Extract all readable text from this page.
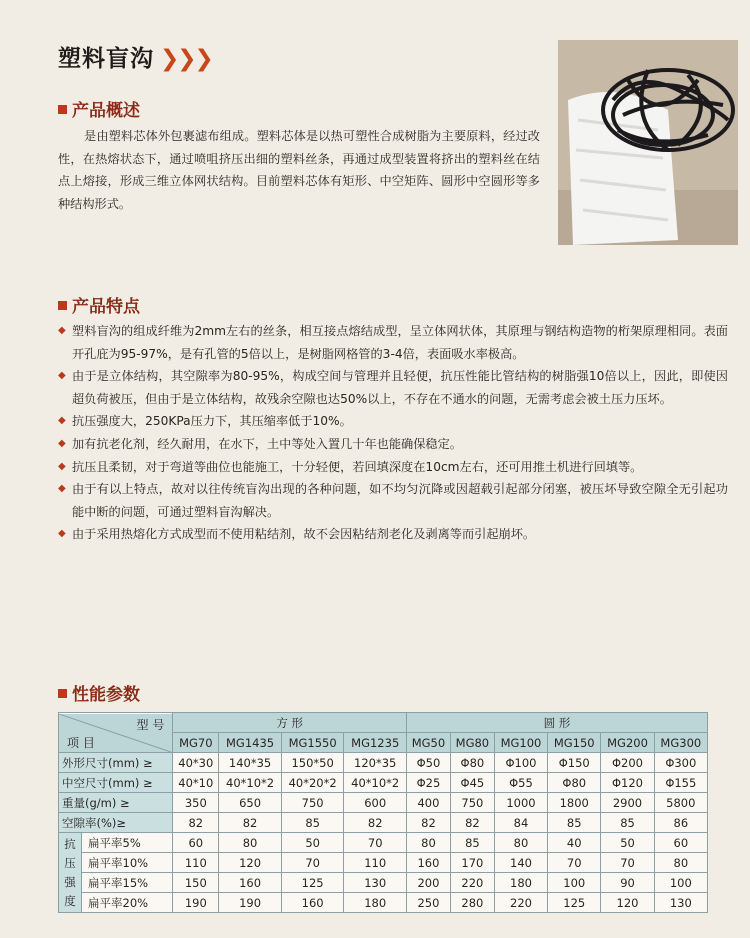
塑料盲沟 ❯❯❯
产品概述

是由塑料芯体外包裹滤布组成。塑料芯体是以热可塑性合成树脂为主要原料，经过改性，在热熔状态下，通过喷咀挤压出细的塑料丝条，再通过成型装置将挤出的塑料丝在结点上熔接，形成三维立体网状结构。目前塑料芯体有矩形、中空矩阵、圆形中空圆形等多种结构形式。

产品特点
◆ 塑料盲沟的组成纤维为2mm左右的丝条，相互接点熔结成型，呈立体网状体，其原理与钢结构造物的桁架原理相同。表面开孔庇为95-97%，是有孔管的5倍以上，是树脂网格管的3-4倍，表面吸水率极高。
◆ 由于是立体结构，其空隙率为80-95%，构成空间与管理并且轻便，抗压性能比管结构的树脂强10倍以上，因此，即使因超负荷被压，但由于是立体结构，故残余空隙也达50%以上，不存在不通水的问题，无需考虑会被土压力压坏。
◆ 抗压强度大，250KPa压力下，其压缩率低于10%。
◆ 加有抗老化剂，经久耐用，在水下，土中等处入置几十年也能确保稳定。
◆ 抗压且柔韧，对于弯道等曲位也能施工，十分轻便，若回填深度在10cm左右，还可用推土机进行回填等。
◆ 由于有以上特点，故对以往传统盲沟出现的各种问题，如不均匀沉降或因超载引起部分闭塞，被压坏导致空隙全无引起功能中断的问题，可通过塑料盲沟解决。
◆ 由于采用热熔化方式成型而不使用粘结剂，故不会因粘结剂老化及剥离等而引起崩坏。
性能参数
型 号
项 目		方 形				圆 形					
		MG70	MG1435	MG1550	MG1235	MG50	MG80	MG100	MG150	MG200	MG300
外形尺寸(mm) ≥		40*30	140*35	150*50	120*35	Φ50	Φ80	Φ100	Φ150	Φ200	Φ300
中空尺寸(mm) ≥		40*10	40*10*2	40*20*2	40*10*2	Φ25	Φ45	Φ55	Φ80	Φ120	Φ155
重量(g/m) ≥		350	650	750	600	400	750	1000	1800	2900	5800
空隙率(%)≥		82	82	85	82	82	82	84	85	85	86

抗
压
强
度	扁平率5%	60	80	50	70	80	85	80	40	50	60
	扁平率10%	110	120	70	110	160	170	140	70	70	80
	扁平率15%	150	160	125	130	200	220	180	100	90	100
	扁平率20%	190	190	160	180	250	280	220	125	120	130
